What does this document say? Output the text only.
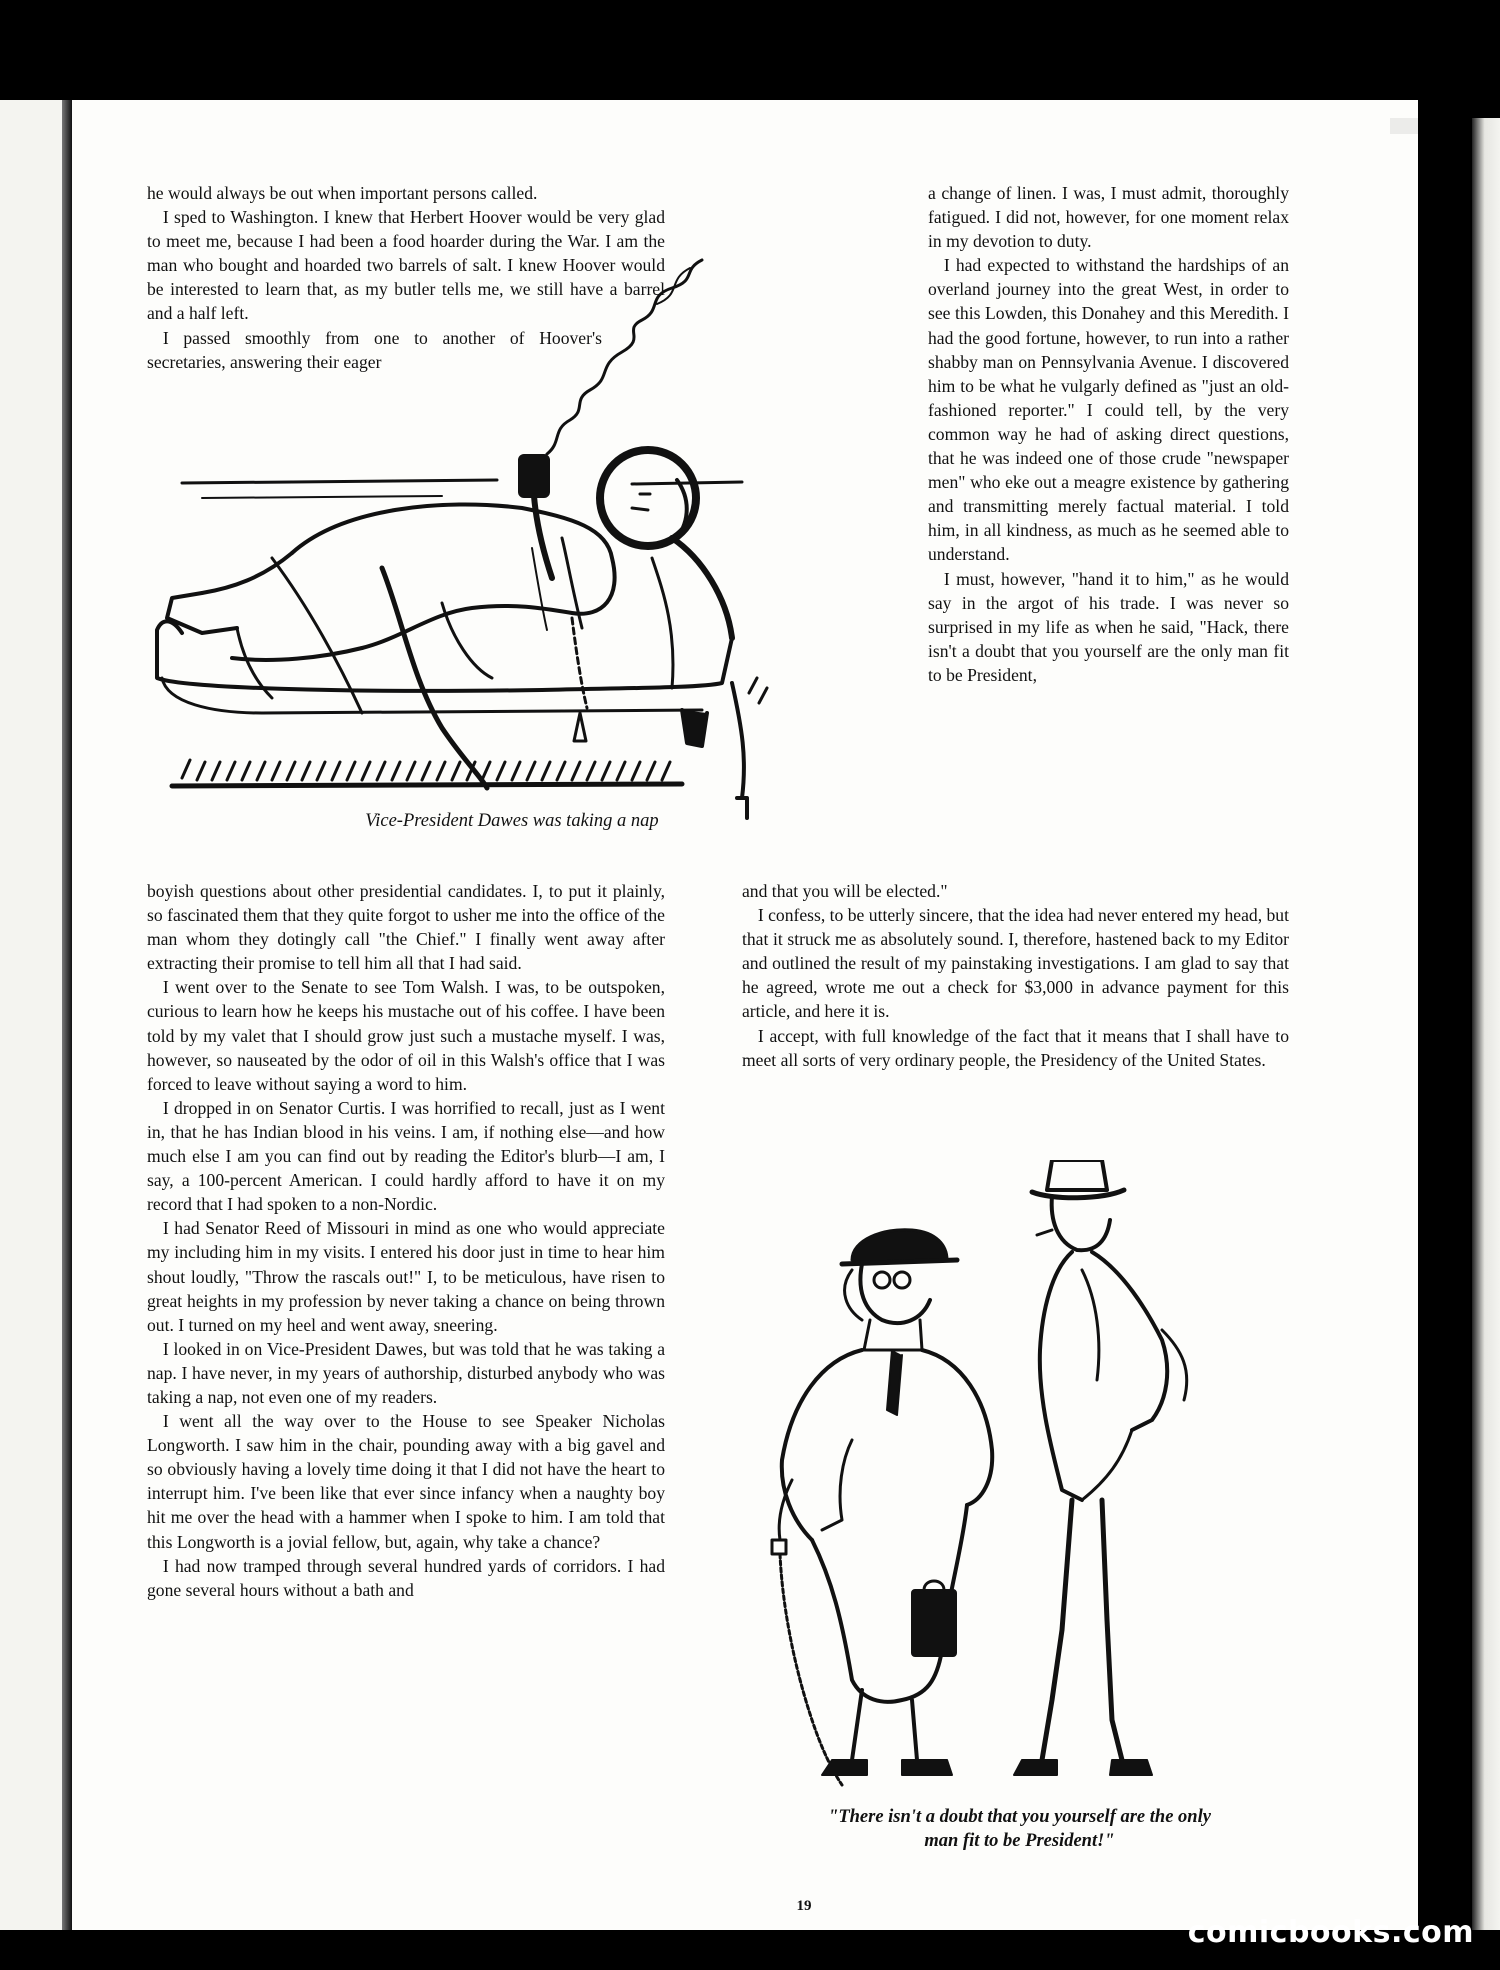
he would always be out when important persons called.

I sped to Washington. I knew that Herbert Hoover would be very glad to meet me, because I had been a food hoarder during the War. I am the man who bought and hoarded two barrels of salt. I knew Hoover would be interested to learn that, as my butler tells me, we still have a barrel and a half left.

I passed smoothly from one to another of Hoover's secretaries, answering their eager

a change of linen. I was, I must admit, thoroughly fatigued. I did not, however, for one moment relax in my devotion to duty.

I had expected to withstand the hardships of an overland journey into the great West, in order to see this Lowden, this Donahey and this Meredith. I had the good fortune, however, to run into a rather shabby man on Pennsylvania Avenue. I discovered him to be what he vulgarly defined as "just an old-fashioned reporter." I could tell, by the very common way he had of asking direct questions, that he was indeed one of those crude "newspaper men" who eke out a meagre existence by gathering and transmitting merely factual material. I told him, in all kindness, as much as he seemed able to understand.

I must, however, "hand it to him," as he would say in the argot of his trade. I was never so surprised in my life as when he said, "Hack, there isn't a doubt that you yourself are the only man fit to be President,

Vice-President Dawes was taking a nap

boyish questions about other presidential candidates. I, to put it plainly, so fascinated them that they quite forgot to usher me into the office of the man whom they dotingly call "the Chief." I finally went away after extracting their promise to tell him all that I had said.

I went over to the Senate to see Tom Walsh. I was, to be outspoken, curious to learn how he keeps his mustache out of his coffee. I have been told by my valet that I should grow just such a mustache myself. I was, however, so nauseated by the odor of oil in this Walsh's office that I was forced to leave without saying a word to him.

I dropped in on Senator Curtis. I was horrified to recall, just as I went in, that he has Indian blood in his veins. I am, if nothing else—and how much else I am you can find out by reading the Editor's blurb—I am, I say, a 100-percent American. I could hardly afford to have it on my record that I had spoken to a non-Nordic.

I had Senator Reed of Missouri in mind as one who would appreciate my including him in my visits. I entered his door just in time to hear him shout loudly, "Throw the rascals out!" I, to be meticulous, have risen to great heights in my profession by never taking a chance on being thrown out. I turned on my heel and went away, sneering.

I looked in on Vice-President Dawes, but was told that he was taking a nap. I have never, in my years of authorship, disturbed anybody who was taking a nap, not even one of my readers.

I went all the way over to the House to see Speaker Nicholas Longworth. I saw him in the chair, pounding away with a big gavel and so obviously having a lovely time doing it that I did not have the heart to interrupt him. I've been like that ever since infancy when a naughty boy hit me over the head with a hammer when I spoke to him. I am told that this Longworth is a jovial fellow, but, again, why take a chance?

I had now tramped through several hundred yards of corridors. I had gone several hours without a bath and

and that you will be elected."

I confess, to be utterly sincere, that the idea had never entered my head, but that it struck me as absolutely sound. I, therefore, hastened back to my Editor and outlined the result of my painstaking investigations. I am glad to say that he agreed, wrote me out a check for $3,000 in advance payment for this article, and here it is.

I accept, with full knowledge of the fact that it means that I shall have to meet all sorts of very ordinary people, the Presidency of the United States.

"There isn't a doubt that you yourself are the only
man fit to be President!"
19
comicbooks.com
